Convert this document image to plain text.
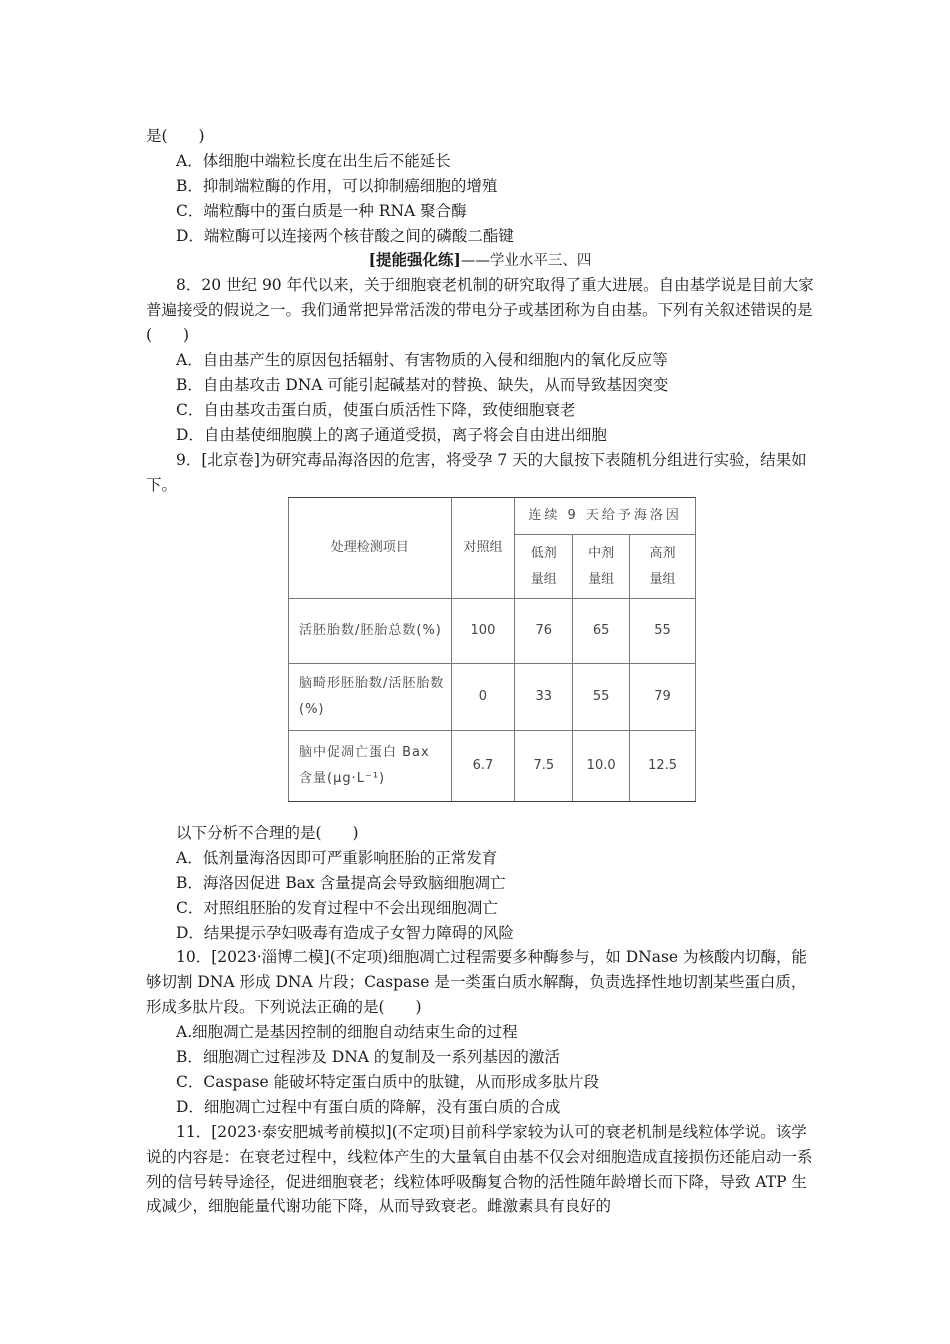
是(　　)
A．体细胞中端粒长度在出生后不能延长
B．抑制端粒酶的作用，可以抑制癌细胞的增殖
C．端粒酶中的蛋白质是一种 RNA 聚合酶
D．端粒酶可以连接两个核苷酸之间的磷酸二酯键
[提能强化练]——学业水平三、四
8．20 世纪 90 年代以来，关于细胞衰老机制的研究取得了重大进展。自由基学说是目前大家普遍接受的假说之一。我们通常把异常活泼的带电分子或基团称为自由基。下列有关叙述错误的是(　　)
A．自由基产生的原因包括辐射、有害物质的入侵和细胞内的氧化反应等
B．自由基攻击 DNA 可能引起碱基对的替换、缺失，从而导致基因突变
C．自由基攻击蛋白质，使蛋白质活性下降，致使细胞衰老
D．自由基使细胞膜上的离子通道受损，离子将会自由进出细胞
9．[北京卷]为研究毒品海洛因的危害，将受孕 7 天的大鼠按下表随机分组进行实验，结果如下。
处理检测项目	对照组	连续 9 天给予海洛因		
		低剂量组	中剂量组	高剂量组
活胚胎数/胚胎总数(%)	100	76	65	55
脑畸形胚胎数/活胚胎数(%)	0	33	55	79
脑中促凋亡蛋白 Bax 含量(μg·L⁻¹)	6.7	7.5	10.0	12.5
以下分析不合理的是(　　)
A．低剂量海洛因即可严重影响胚胎的正常发育
B．海洛因促进 Bax 含量提高会导致脑细胞凋亡
C．对照组胚胎的发育过程中不会出现细胞凋亡
D．结果提示孕妇吸毒有造成子女智力障碍的风险
10．[2023·淄博二模](不定项)细胞凋亡过程需要多种酶参与，如 DNase 为核酸内切酶，能够切割 DNA 形成 DNA 片段；Caspase 是一类蛋白质水解酶，负责选择性地切割某些蛋白质，形成多肽片段。下列说法正确的是(　　)
A.细胞凋亡是基因控制的细胞自动结束生命的过程
B．细胞凋亡过程涉及 DNA 的复制及一系列基因的激活
C．Caspase 能破坏特定蛋白质中的肽键，从而形成多肽片段
D．细胞凋亡过程中有蛋白质的降解，没有蛋白质的合成
11．[2023·泰安肥城考前模拟](不定项)目前科学家较为认可的衰老机制是线粒体学说。该学说的内容是：在衰老过程中，线粒体产生的大量氧自由基不仅会对细胞造成直接损伤还能启动一系列的信号转导途径，促进细胞衰老；线粒体呼吸酶复合物的活性随年龄增长而下降，导致 ATP 生成减少，细胞能量代谢功能下降，从而导致衰老。雌激素具有良好的
